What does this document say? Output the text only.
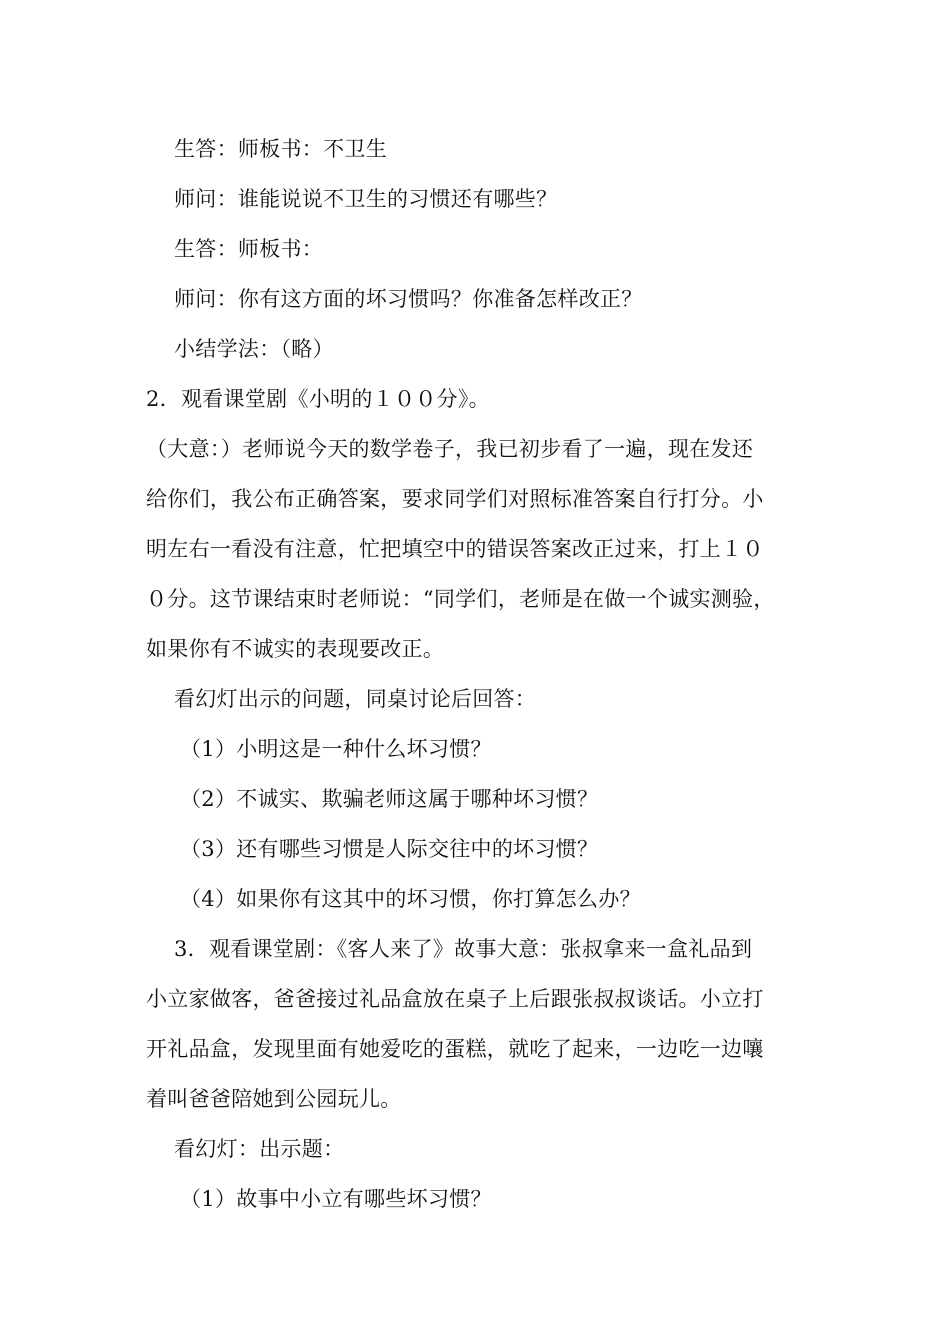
生答：师板书：不卫生
师问：谁能说说不卫生的习惯还有哪些？
生答：师板书：
师问：你有这方面的坏习惯吗？你准备怎样改正？
小结学法：（略）
2．观看课堂剧《小明的１００分》。
（大意：）老师说今天的数学卷子，我已初步看了一遍，现在发还
给你们，我公布正确答案，要求同学们对照标准答案自行打分。小
明左右一看没有注意，忙把填空中的错误答案改正过来，打上１０
０分。这节课结束时老师说：“同学们，老师是在做一个诚实测验，
如果你有不诚实的表现要改正。
看幻灯出示的问题，同桌讨论后回答：
（1）小明这是一种什么坏习惯？
（2）不诚实、欺骗老师这属于哪种坏习惯？
（3）还有哪些习惯是人际交往中的坏习惯？
（4）如果你有这其中的坏习惯，你打算怎么办？
3．观看课堂剧：《客人来了》故事大意：张叔拿来一盒礼品到
小立家做客，爸爸接过礼品盒放在桌子上后跟张叔叔谈话。小立打
开礼品盒，发现里面有她爱吃的蛋糕，就吃了起来，一边吃一边嚷
着叫爸爸陪她到公园玩儿。
看幻灯：出示题：
（1）故事中小立有哪些坏习惯？
